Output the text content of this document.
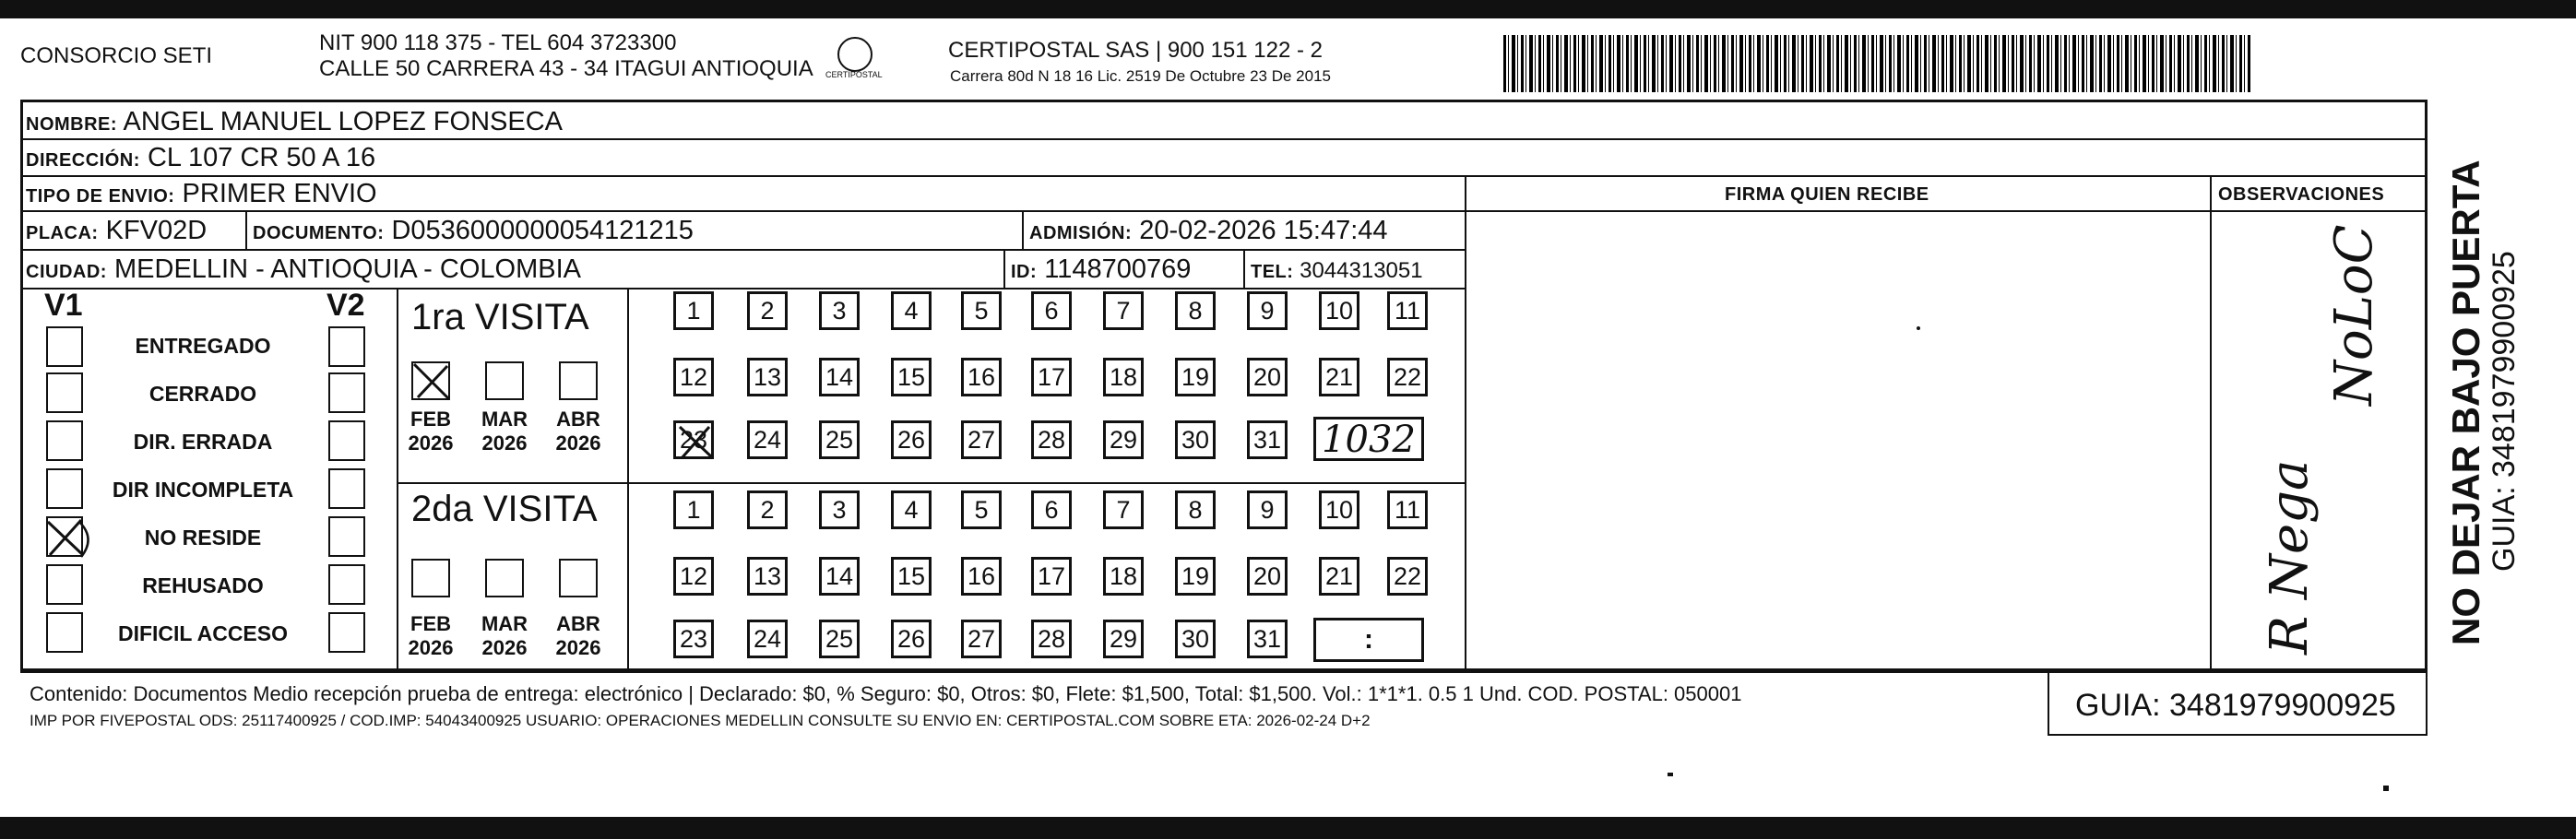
CONSORCIO SETI
NIT 900 118 375 - TEL 604 3723300
CALLE 50 CARRERA 43 - 34 ITAGUI ANTIOQUIA CERTIPOSTAL
CERTIPOSTAL SAS | 900 151 122 - 2
Carrera 80d N 18 16 Lic. 2519 De Octubre 23 De 2015
NOMBRE: ANGEL MANUEL LOPEZ FONSECA
DIRECCIÓN: CL 107 CR 50 A 16
TIPO DE ENVIO: PRIMER ENVIO	FIRMA QUIEN RECIBE	OBSERVACIONES
PLACA: KFV02D DOCUMENTO: D0536000000054121215	ADMISIÓN: 20-02-2026 15:47:44
CIUDAD: MEDELLIN - ANTIOQUIA - COLOMBIA	ID: 1148700769	TEL: 3044313051
V1	V2
ENTREGADO
CERRADO
DIR. ERRADA
DIR INCOMPLETA
NO RESIDE
REHUSADO
DIFICIL ACCESO
1ra VISITA
FEB
2026
MAR
2026
ABR
2026
2da VISITA
FEB
2026
MAR
2026
ABR
2026
1	2	3	4	5	6	7	8	9	10 11
12 13 14 15 16 17 18 19 20 21 22
23 24 25 26 27 28 29 30 31
1	2	3	4	5	6	7	8	9	10 11
12 13 14 15 16 17 18 19 20 21 22
23 24 25 26 27 28 29 30 31
1032
:
NoLoC
R Nega
Contenido: Documentos Medio recepción prueba de entrega: electrónico | Declarado: $0, % Seguro: $0, Otros: $0, Flete: $1,500, Total: $1,500. Vol.: 1*1*1. 0.5 1 Und. COD. POSTAL: 050001
IMP POR FIVEPOSTAL ODS: 25117400925 / COD.IMP: 54043400925 USUARIO: OPERACIONES MEDELLIN CONSULTE SU ENVIO EN: CERTIPOSTAL.COM SOBRE ETA: 2026-02-24 D+2	GUIA: 3481979900925
NO DEJAR BAJO PUERTA GUIA: 3481979900925
